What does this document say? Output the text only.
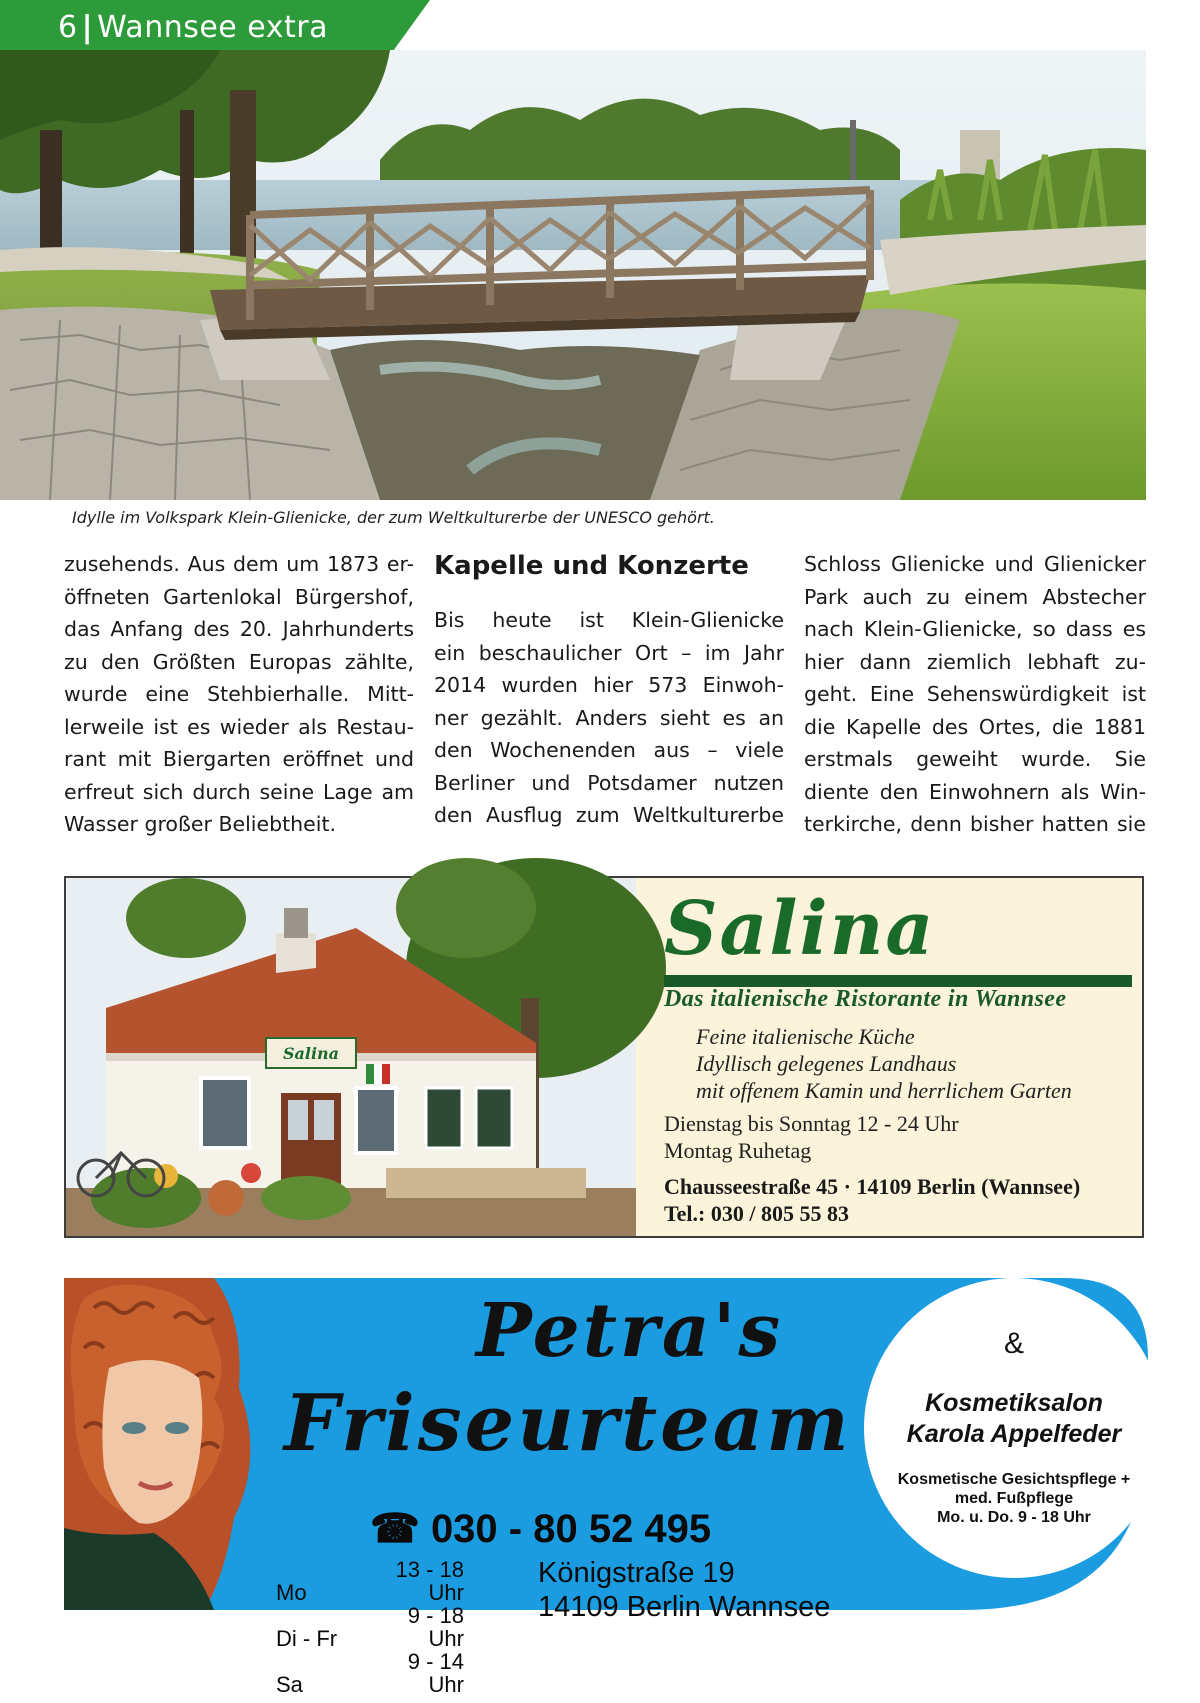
6 | Wannsee extra
Idylle im Volkspark Klein-Glienicke, der zum Weltkulturerbe der UNESCO gehört.
zusehends. Aus dem um 1873 er-
öffneten Gartenlokal Bürgershof,
das Anfang des 20. Jahrhunderts
zu den Größten Europas zählte,
wurde eine Stehbierhalle. Mitt-
lerweile ist es wieder als Restau-
rant mit Biergarten eröffnet und
erfreut sich durch seine Lage am
Wasser großer Beliebtheit.
Kapelle und Konzerte
Bis heute ist Klein-Glienicke
ein beschaulicher Ort – im Jahr
2014 wurden hier 573 Einwoh-
ner gezählt. Anders sieht es an
den Wochenenden aus – viele
Berliner und Potsdamer nutzen
den Ausflug zum Weltkulturerbe
Schloss Glienicke und Glienicker
Park auch zu einem Abstecher
nach Klein-Glienicke, so dass es
hier dann ziemlich lebhaft zu-
geht. Eine Sehenswürdigkeit ist
die Kapelle des Ortes, die 1881
erstmals geweiht wurde. Sie
diente den Einwohnern als Win-
terkirche, denn bisher hatten sie
Salina
Salina
Das italienische Ristorante in Wannsee
Feine italienische Küche
Idyllisch gelegenes Landhaus
mit offenem Kamin und herrlichem Garten
Dienstag bis Sonntag 12 - 24 Uhr
Montag Ruhetag
Chausseestraße 45 · 14109 Berlin (Wannsee)
Tel.: 030 / 805 55 83
Petra's
Friseurteam
☎ 030 - 80 52 495
Mo13 - 18 Uhr
Di - Fr9 - 18 Uhr
Sa9 - 14 Uhr
Königstraße 19
14109 Berlin Wannsee
&
Kosmetiksalon
Karola Appelfeder
Kosmetische Gesichtspflege +
med. Fußpflege
Mo. u. Do. 9 - 18 Uhr
